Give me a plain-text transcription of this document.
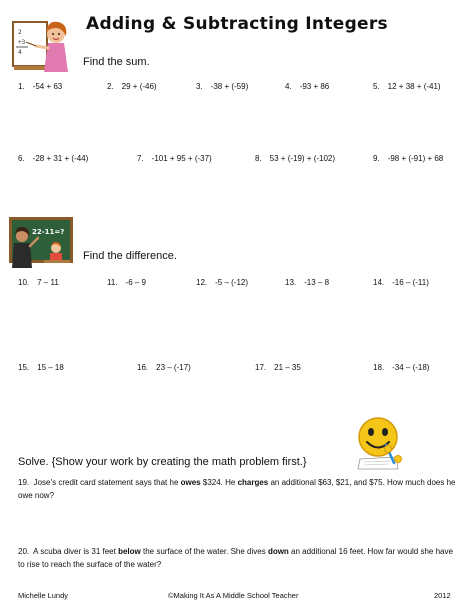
Adding & Subtracting Integers
2
+3
4
Find the sum.
1. -54 + 63	2. 29 + (-46)	3. -38 + (-59)	4. -93 + 86	5. 12 + 38 + (-41)
6. -28 + 31 + (-44)	7. -101 + 95 + (-37)	8. 53 + (-19) + (-102)	9. -98 + (-91) + 68
22-11=?
Find the difference.
10. 7 – 11	11. -6 – 9	12. -5 – (-12)	13. -13 – 8	14. -16 – (-11)
15. 15 – 18	16. 23 – (-17)	17. 21 – 35	18. -34 – (-18)
Solve. {Show your work by creating the math problem first.}
19. Jose’s credit card statement says that he owes $324. He charges an additional $63, $21, and $75. How much does he owe now?
20. A scuba diver is 31 feet below the surface of the water. She dives down an additional 16 feet. How far would she have to rise to reach the surface of the water?
Michelle Lundy	©Making It As A Middle School Teacher	2012
